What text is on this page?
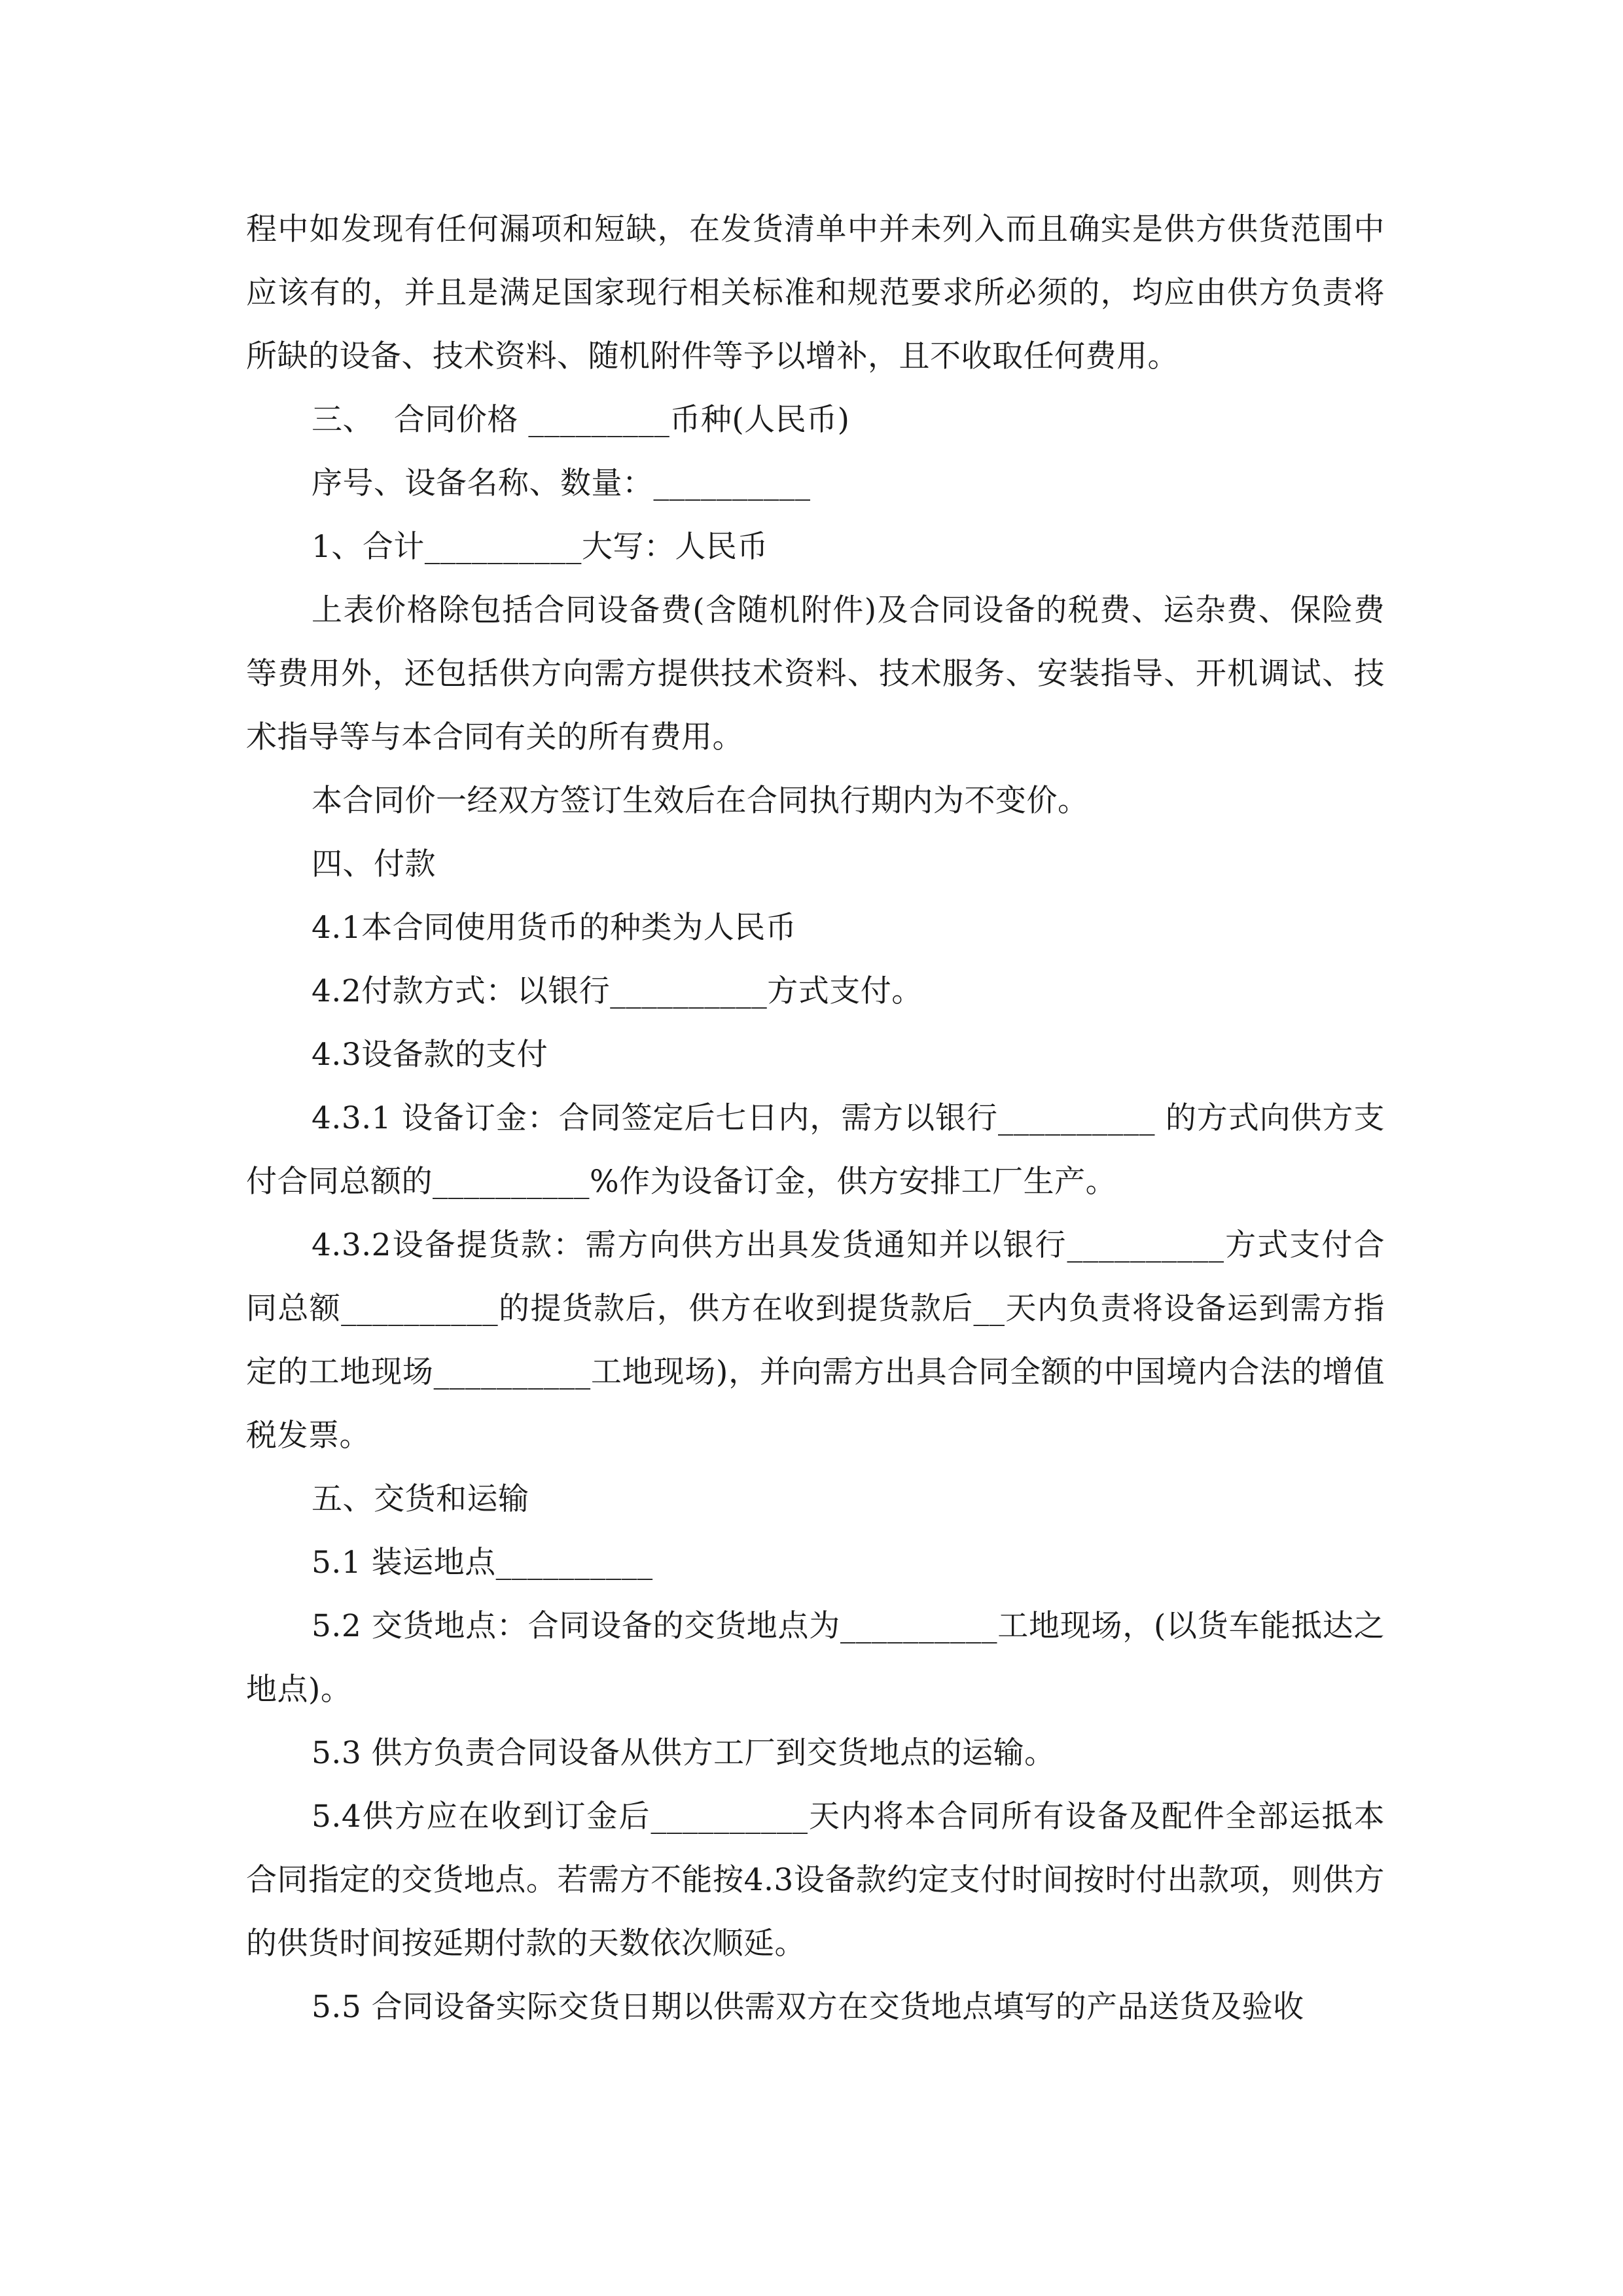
程中如发现有任何漏项和短缺，在发货清单中并未列入而且确实是供方供货范围中应该有的，并且是满足国家现行相关标准和规范要求所必须的，均应由供方负责将所缺的设备、技术资料、随机附件等予以增补，且不收取任何费用。

三、  合同价格 _________币种(人民币)

序号、设备名称、数量：__________

1、合计__________大写：人民币

上表价格除包括合同设备费(含随机附件)及合同设备的税费、运杂费、保险费等费用外，还包括供方向需方提供技术资料、技术服务、安装指导、开机调试、技术指导等与本合同有关的所有费用。

本合同价一经双方签订生效后在合同执行期内为不变价。

四、付款

4.1本合同使用货币的种类为人民币

4.2付款方式：以银行__________方式支付。

4.3设备款的支付

4.3.1 设备订金：合同签定后七日内，需方以银行__________ 的方式向供方支付合同总额的__________%作为设备订金，供方安排工厂生产。

4.3.2设备提货款：需方向供方出具发货通知并以银行__________方式支付合同总额__________的提货款后，供方在收到提货款后__天内负责将设备运到需方指定的工地现场__________工地现场)，并向需方出具合同全额的中国境内合法的增值税发票。

五、交货和运输

5.1 装运地点__________

5.2 交货地点：合同设备的交货地点为__________工地现场，(以货车能抵达之地点)。

5.3 供方负责合同设备从供方工厂到交货地点的运输。

5.4供方应在收到订金后__________天内将本合同所有设备及配件全部运抵本合同指定的交货地点。若需方不能按4.3设备款约定支付时间按时付出款项，则供方的供货时间按延期付款的天数依次顺延。

5.5 合同设备实际交货日期以供需双方在交货地点填写的产品送货及验收
